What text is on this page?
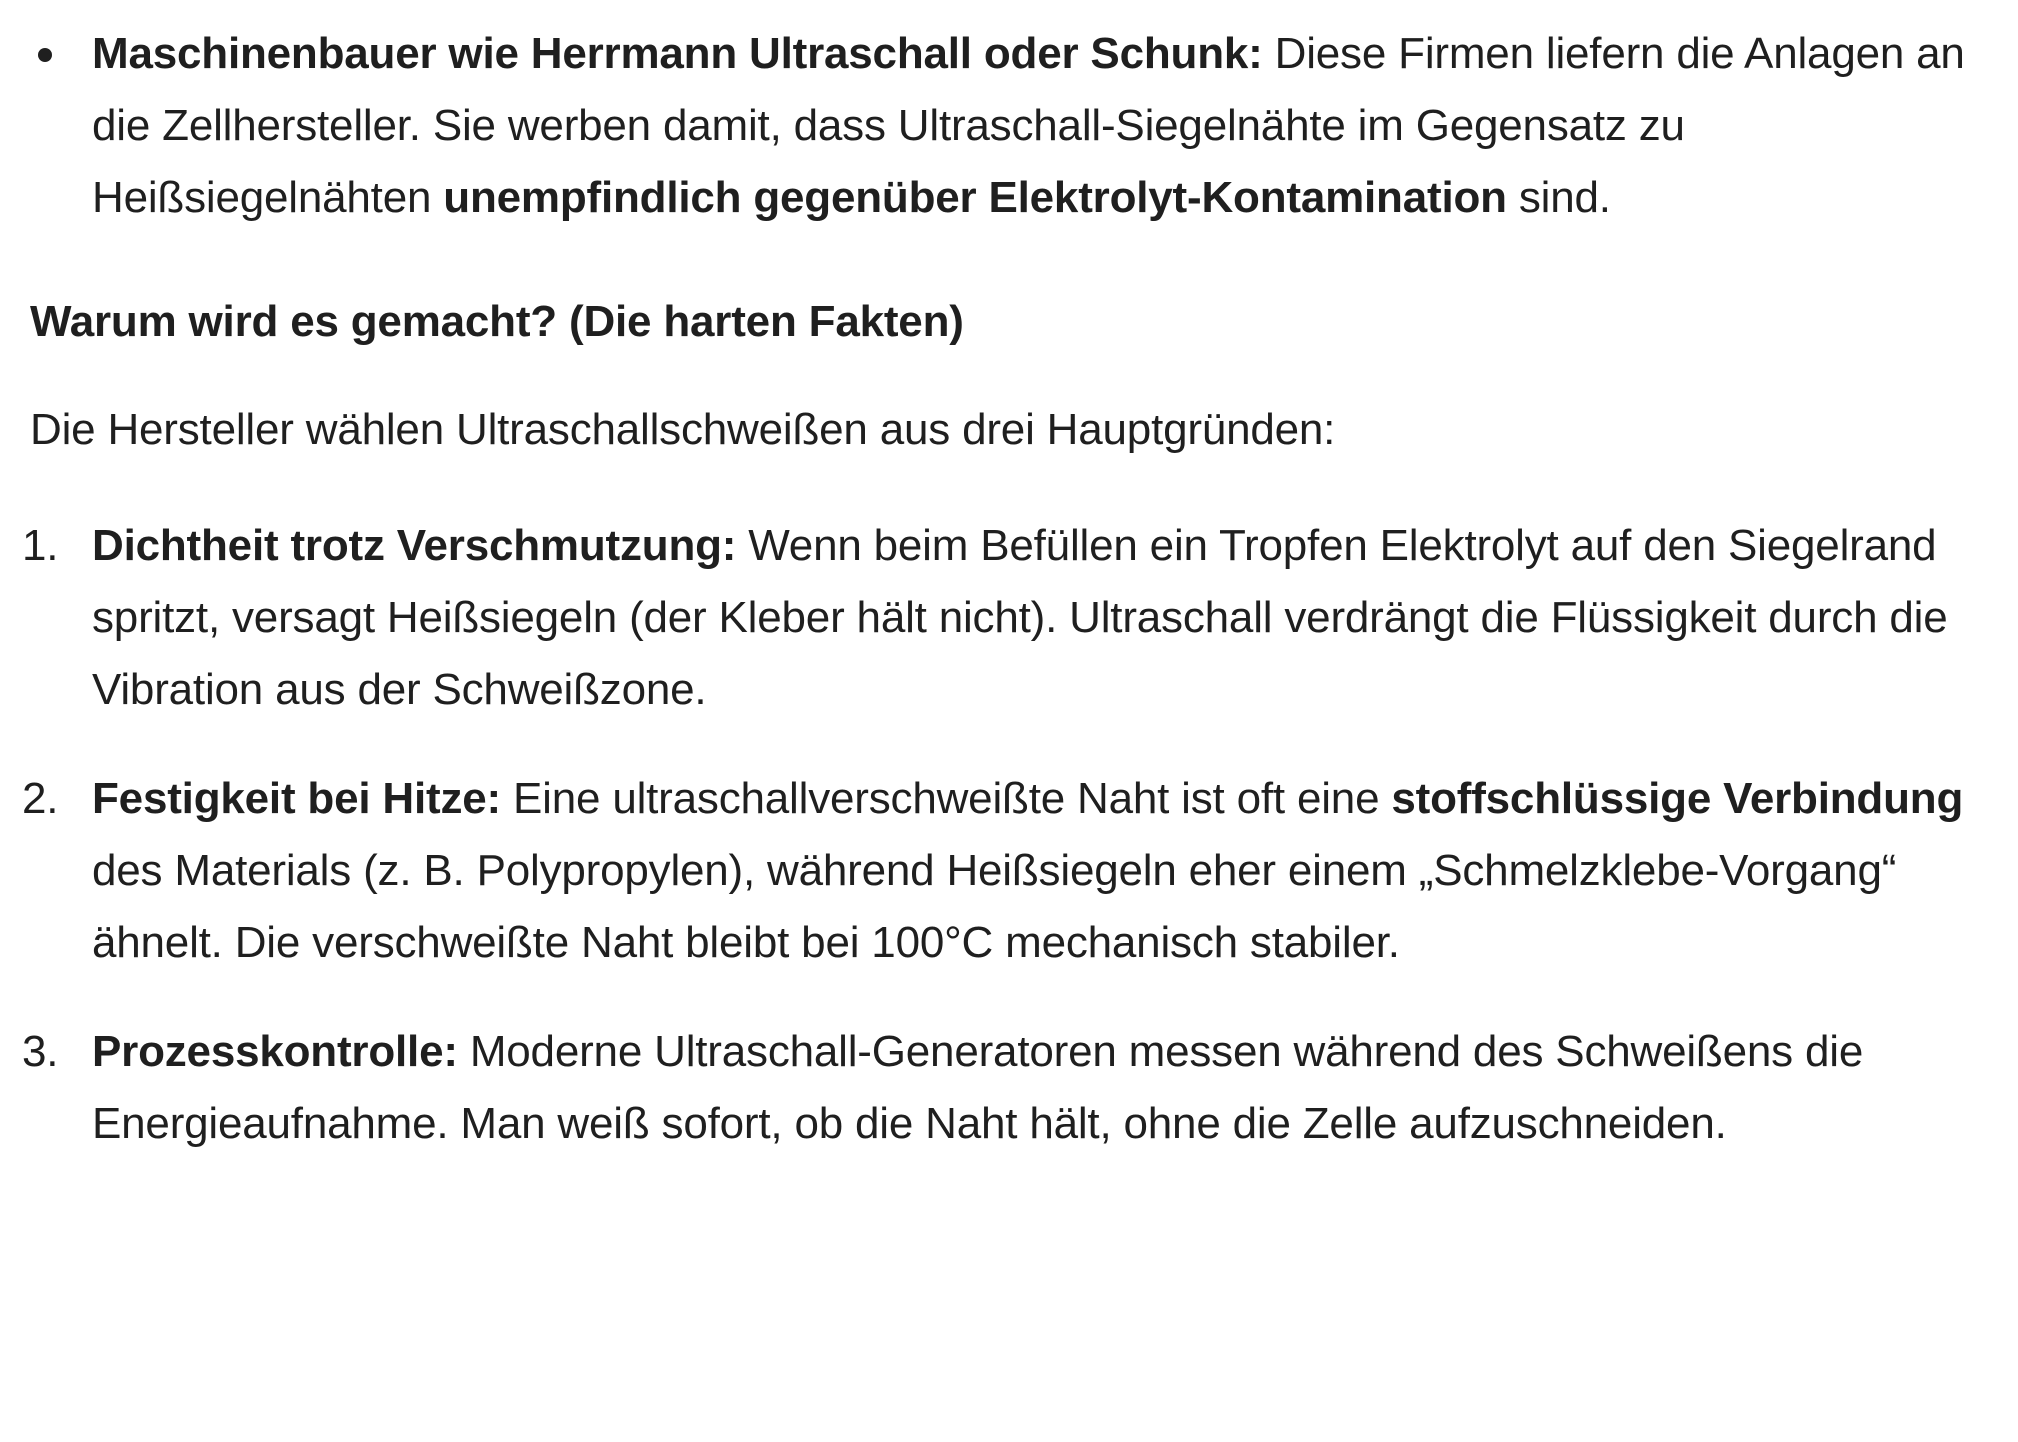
Maschinenbauer wie Herrmann Ultraschall oder Schunk: Diese Firmen liefern die Anlagen an die Zellhersteller. Sie werben damit, dass Ultraschall-Siegelnähte im Gegensatz zu Heißsiegelnähten unempfindlich gegenüber Elektrolyt-Kontamination sind.
Warum wird es gemacht? (Die harten Fakten)
Die Hersteller wählen Ultraschallschweißen aus drei Hauptgründen:
1. Dichtheit trotz Verschmutzung: Wenn beim Befüllen ein Tropfen Elektrolyt auf den Siegelrand spritzt, versagt Heißsiegeln (der Kleber hält nicht). Ultraschall verdrängt die Flüssigkeit durch die Vibration aus der Schweißzone.
2. Festigkeit bei Hitze: Eine ultraschallverschweißte Naht ist oft eine stoffschlüssige Verbindung des Materials (z. B. Polypropylen), während Heißsiegeln eher einem „Schmelzklebe-Vorgang“ ähnelt. Die verschweißte Naht bleibt bei 100°C mechanisch stabiler.
3. Prozesskontrolle: Moderne Ultraschall-Generatoren messen während des Schweißens die Energieaufnahme. Man weiß sofort, ob die Naht hält, ohne die Zelle aufzuschneiden.
